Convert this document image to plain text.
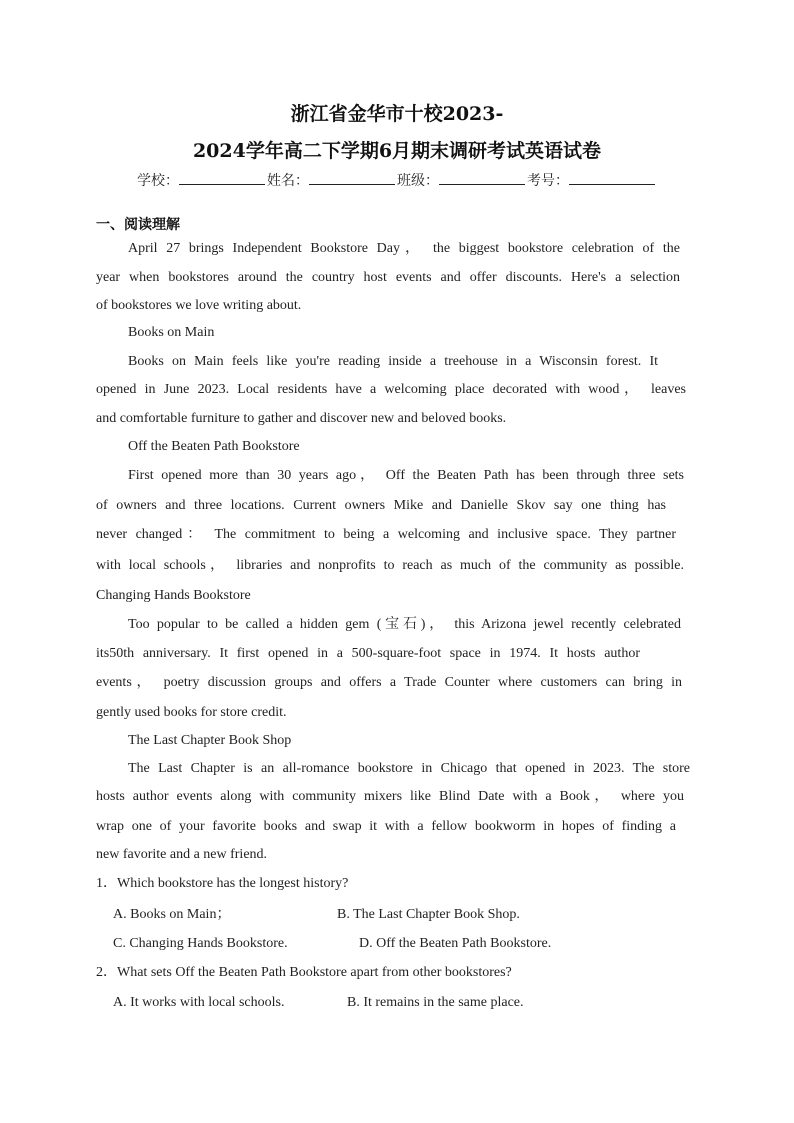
浙江省金华市十校2023-
2024学年高二下学期6月期末调研考试英语试卷
学校：	姓名：	班级：	考号：
一、阅读理解
April 27 brings Independent Bookstore Day， the biggest bookstore celebration of the
year when bookstores around the country host events and offer discounts. Here's a selection
of bookstores we love writing about.
Books on Main
Books on Main feels like you're reading inside a treehouse in a Wisconsin forest. It
opened in June 2023. Local residents have a welcoming place decorated with wood， leaves
and comfortable furniture to gather and discover new and beloved books.
Off the Beaten Path Bookstore
First opened more than 30 years ago， Off the Beaten Path has been through three sets
of owners and three locations. Current owners Mike and Danielle Skov say one thing has
never changed： The commitment to being a welcoming and inclusive space. They partner
with local schools， libraries and nonprofits to reach as much of the community as possible.
Changing Hands Bookstore
Too popular to be called a hidden gem (宝石)， this Arizona jewel recently celebrated
its50th anniversary. It first opened in a 500-square-foot space in 1974. It hosts author
events， poetry discussion groups and offers a Trade Counter where customers can bring in
gently used books for store credit.
The Last Chapter Book Shop
The Last Chapter is an all-romance bookstore in Chicago that opened in 2023. The store
hosts author events along with community mixers like Blind Date with a Book， where you
wrap one of your favorite books and swap it with a fellow bookworm in hopes of finding a
new favorite and a new friend.
1．Which bookstore has the longest history?
A. Books on Main；	B. The Last Chapter Book Shop.
C. Changing Hands Bookstore.	D. Off the Beaten Path Bookstore.
2．What sets Off the Beaten Path Bookstore apart from other bookstores?
A. It works with local schools.	B. It remains in the same place.
